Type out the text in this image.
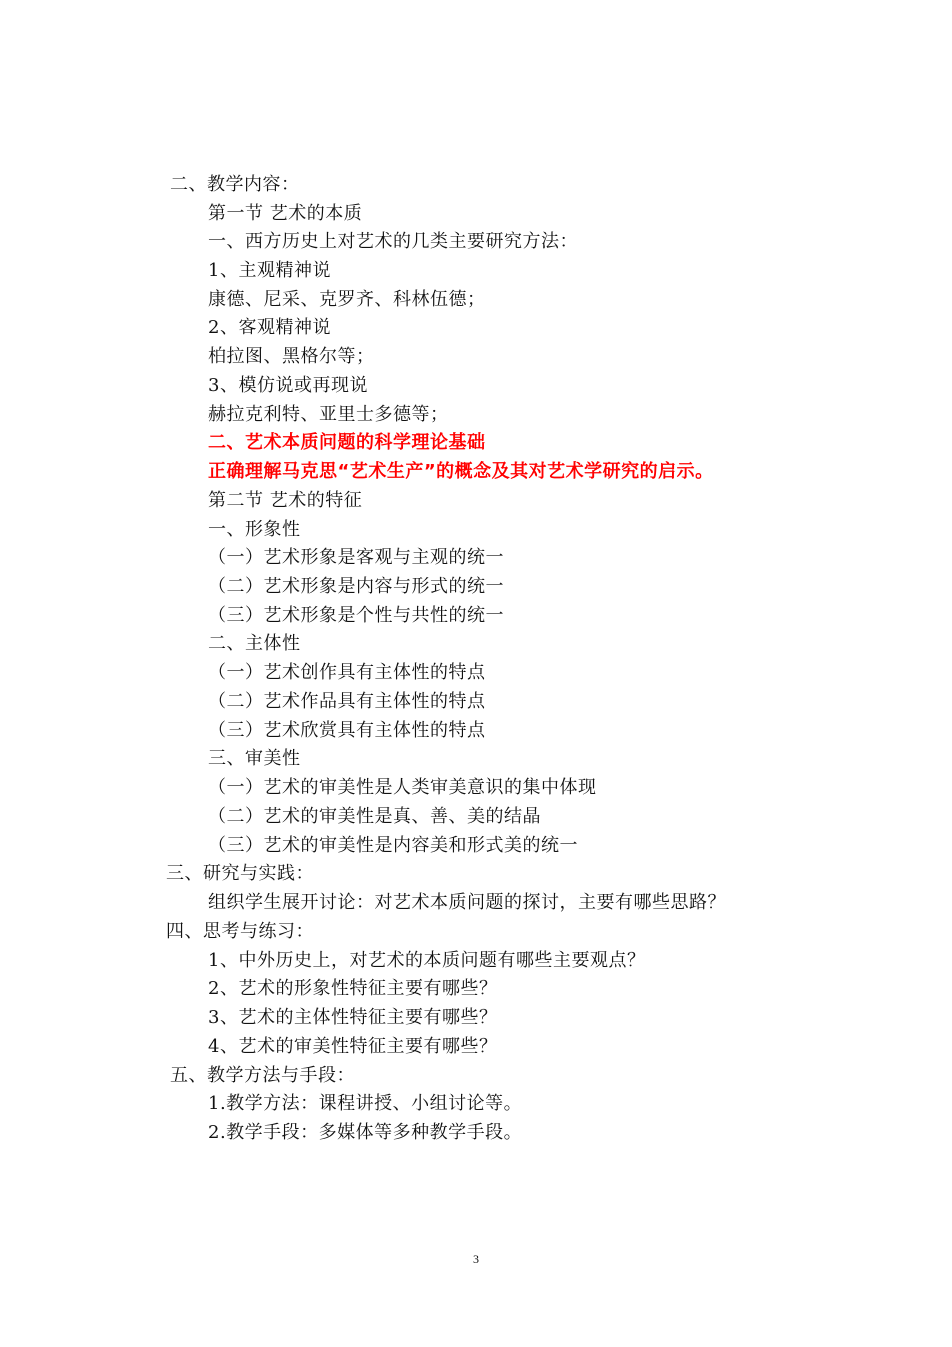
二、教学内容：
第一节 艺术的本质
一、西方历史上对艺术的几类主要研究方法：
1、主观精神说
康德、尼采、克罗齐、科林伍德；
2、客观精神说
柏拉图、黑格尔等；
3、模仿说或再现说
赫拉克利特、亚里士多德等；
二、艺术本质问题的科学理论基础
正确理解马克思“艺术生产”的概念及其对艺术学研究的启示。
第二节 艺术的特征
一、形象性
（一）艺术形象是客观与主观的统一
（二）艺术形象是内容与形式的统一
（三）艺术形象是个性与共性的统一
二、主体性
（一）艺术创作具有主体性的特点
（二）艺术作品具有主体性的特点
（三）艺术欣赏具有主体性的特点
三、审美性
（一）艺术的审美性是人类审美意识的集中体现
（二）艺术的审美性是真、善、美的结晶
（三）艺术的审美性是内容美和形式美的统一
三、研究与实践：
组织学生展开讨论：对艺术本质问题的探讨，主要有哪些思路？
四、思考与练习：
1、中外历史上，对艺术的本质问题有哪些主要观点？
2、艺术的形象性特征主要有哪些？
3、艺术的主体性特征主要有哪些？
4、艺术的审美性特征主要有哪些？
五、教学方法与手段：
1.教学方法：课程讲授、小组讨论等。
2.教学手段：多媒体等多种教学手段。
3
